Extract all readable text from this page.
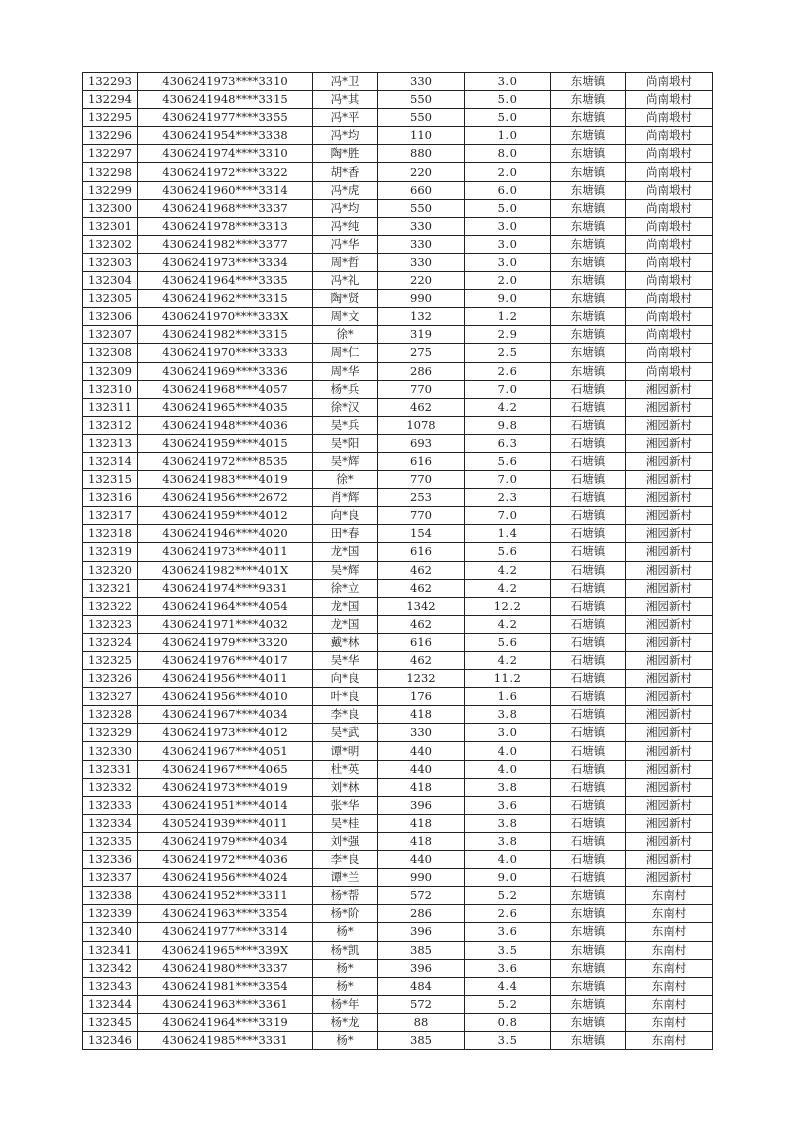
132293	4306241973****3310	冯*卫	330	3.0	东塘镇	尚南塅村
132294	4306241948****3315	冯*其	550	5.0	东塘镇	尚南塅村
132295	4306241977****3355	冯*平	550	5.0	东塘镇	尚南塅村
132296	4306241954****3338	冯*均	110	1.0	东塘镇	尚南塅村
132297	4306241974****3310	陶*胜	880	8.0	东塘镇	尚南塅村
132298	4306241972****3322	胡*香	220	2.0	东塘镇	尚南塅村
132299	4306241960****3314	冯*虎	660	6.0	东塘镇	尚南塅村
132300	4306241968****3337	冯*均	550	5.0	东塘镇	尚南塅村
132301	4306241978****3313	冯*纯	330	3.0	东塘镇	尚南塅村
132302	4306241982****3377	冯*华	330	3.0	东塘镇	尚南塅村
132303	4306241973****3334	周*哲	330	3.0	东塘镇	尚南塅村
132304	4306241964****3335	冯*礼	220	2.0	东塘镇	尚南塅村
132305	4306241962****3315	陶*贤	990	9.0	东塘镇	尚南塅村
132306	4306241970****333X	周*文	132	1.2	东塘镇	尚南塅村
132307	4306241982****3315	徐*	319	2.9	东塘镇	尚南塅村
132308	4306241970****3333	周*仁	275	2.5	东塘镇	尚南塅村
132309	4306241969****3336	周*华	286	2.6	东塘镇	尚南塅村
132310	4306241968****4057	杨*兵	770	7.0	石塘镇	湘园新村
132311	4306241965****4035	徐*汉	462	4.2	石塘镇	湘园新村
132312	4306241948****4036	吴*兵	1078	9.8	石塘镇	湘园新村
132313	4306241959****4015	吴*阳	693	6.3	石塘镇	湘园新村
132314	4306241972****8535	吴*辉	616	5.6	石塘镇	湘园新村
132315	4306241983****4019	徐*	770	7.0	石塘镇	湘园新村
132316	4306241956****2672	肖*辉	253	2.3	石塘镇	湘园新村
132317	4306241959****4012	向*良	770	7.0	石塘镇	湘园新村
132318	4306241946****4020	田*春	154	1.4	石塘镇	湘园新村
132319	4306241973****4011	龙*国	616	5.6	石塘镇	湘园新村
132320	4306241982****401X	吴*辉	462	4.2	石塘镇	湘园新村
132321	4306241974****9331	徐*立	462	4.2	石塘镇	湘园新村
132322	4306241964****4054	龙*国	1342	12.2	石塘镇	湘园新村
132323	4306241971****4032	龙*国	462	4.2	石塘镇	湘园新村
132324	4306241979****3320	戴*林	616	5.6	石塘镇	湘园新村
132325	4306241976****4017	吴*华	462	4.2	石塘镇	湘园新村
132326	4306241956****4011	向*良	1232	11.2	石塘镇	湘园新村
132327	4306241956****4010	叶*良	176	1.6	石塘镇	湘园新村
132328	4306241967****4034	李*良	418	3.8	石塘镇	湘园新村
132329	4306241973****4012	吴*武	330	3.0	石塘镇	湘园新村
132330	4306241967****4051	谭*明	440	4.0	石塘镇	湘园新村
132331	4306241967****4065	杜*英	440	4.0	石塘镇	湘园新村
132332	4306241973****4019	刘*林	418	3.8	石塘镇	湘园新村
132333	4306241951****4014	张*华	396	3.6	石塘镇	湘园新村
132334	4305241939****4011	吴*桂	418	3.8	石塘镇	湘园新村
132335	4306241979****4034	刘*强	418	3.8	石塘镇	湘园新村
132336	4306241972****4036	李*良	440	4.0	石塘镇	湘园新村
132337	4306241956****4024	谭*兰	990	9.0	石塘镇	湘园新村
132338	4306241952****3311	杨*帮	572	5.2	东塘镇	东南村
132339	4306241963****3354	杨*阶	286	2.6	东塘镇	东南村
132340	4306241977****3314	杨*	396	3.6	东塘镇	东南村
132341	4306241965****339X	杨*凯	385	3.5	东塘镇	东南村
132342	4306241980****3337	杨*	396	3.6	东塘镇	东南村
132343	4306241981****3354	杨*	484	4.4	东塘镇	东南村
132344	4306241963****3361	杨*年	572	5.2	东塘镇	东南村
132345	4306241964****3319	杨*龙	88	0.8	东塘镇	东南村
132346	4306241985****3331	杨*	385	3.5	东塘镇	东南村
